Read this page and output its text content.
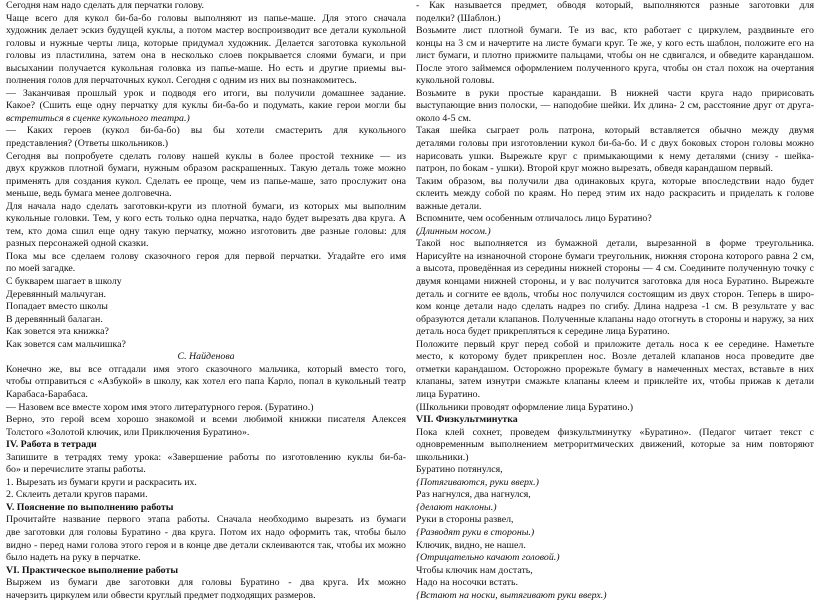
Сегодня нам надо сделать для перчатки голову.
Чаще всего для кукол би-ба-бо головы выполняют из папье-маше. Для этого сначала
художник делает эскиз будущей куклы, а потом мастер воспроизводит все детали кукольной
головы и нужные черты лица, которые придумал художник. Делается заготовка кукольной
головы из пластилина, затем она в несколько слоев покрывается слоями бумаги, и при
высыхании получается кукольная головка из папье-маше. Но есть и другие приемы вы-
полнения голов для перчаточных кукол. Сегодня с одним из них вы познакомитесь.
— Заканчивая прошлый урок и подводя его итоги, вы получили домашнее задание.
Какое? (Сшить еще одну перчатку для куклы би-ба-бо и подумать, какие герои могли бы
встретиться в сценке кукольного театра.)
— Каких героев (кукол би-ба-бо) вы бы хотели смастерить для кукольного
представления? (Ответы школьников.)
Сегодня вы попробуете сделать голову нашей куклы в более простой технике — из
двух кружков плотной бумаги, нужным образом раскрашенных. Такую деталь тоже можно
применять для создания кукол. Сделать ее проще, чем из папье-маше, зато прослужит она
меньше, ведь бумага менее долговечна.
Для начала надо сделать заготовки-круги из плотной бумаги, из которых мы выполним
кукольные головки. Тем, у кого есть только одна перчатка, надо будет вырезать два круга. А
тем, кто дома сшил еще одну такую перчатку, можно изготовить две разные головы: для
разных персонажей одной сказки.
Пока мы все сделаем голову сказочного героя для первой перчатки. Угадайте его имя
по моей загадке.
С букварем шагает в школу
Деревянный мальчуган.
Попадает вместо школы
В деревянный балаган.
Как зовется эта книжка?
Как зовется сам мальчишка?
С. Найденова
Конечно же, вы все отгадали имя этого сказочного мальчика, который вместо того,
чтобы отправиться с «Азбукой» в школу, как хотел его папа Карло, попал в кукольный театр
Карабаса-Барабаса.
— Назовем все вместе хором имя этого литературного героя. (Буратино.)
Верно, это герой всем хорошо знакомой и всеми любимой книжки писателя Алексея
Толстого «Золотой ключик, или Приключения Буратино».
IV. Работа в тетради
Запишите в тетрадях тему урока: «Завершение работы по изготовлению куклы би-ба-
бо» и перечислите этапы работы.
1. Вырезать из бумаги круги и раскрасить их.
2. Склеить детали кругов парами.
V. Пояснение по выполнению работы
Прочитайте название первого этапа работы. Сначала необходимо вырезать из бумаги
две заготовки для головы Буратино - два круга. Потом их надо оформить так, чтобы было
видно - перед нами голова этого героя и в конце две детали склеиваются так, чтобы их можно
было надеть на руку в перчатке.
VI. Практическое выполнение работы
Выржем из бумаги две заготовки для головы Буратино - два круга. Их можно
начерзить циркулем или обвести круглый предмет подходящих размеров.
- Как называется предмет, обводя который, выполняются разные заготовки для
поделки? (Шаблон.)
Возьмите лист плотной бумаги. Те из вас, кто работает с циркулем, раздвиньте его
концы на 3 см и начертите на листе бумаги круг. Те же, у кого есть шаблон, положите его на
лист бумаги, и плотно прижмите пальцами, чтобы он не сдвигался, и обведите карандашом.
После этого займемся оформлением полученного круга, чтобы он стал похож на очертания
кукольной головы.
Возьмите в руки простые карандаши. В нижней части круга надо пририсовать
выступающие вниз полоски, — наподобие шейки. Их длина- 2 см, расстояние друг от друга-
около 4-5 см.
Такая шейка сыграет роль патрона, который вставляется обычно между двумя
деталями головы при изготовлении кукол би-ба-бо. И с двух боковых сторон головы можно
нарисовать ушки. Вырежьте круг с примыкающими к нему деталями (снизу - шейка-
патрон, по бокам - ушки). Второй круг можно вырезать, обведя карандашом первый.
Таким образом, вы получили два одинаковых круга, которые впоследствии надо будет
склеить между собой по краям. Но перед этим их надо раскрасить и приделать к голове
важные детали.
Вспомните, чем особенным отличалось лицо Буратино?
(Длинным носом.)
Такой нос выполняется из бумажной детали, вырезанной в форме треугольника.
Нарисуйте на изнаночной стороне бумаги треугольник, нижняя сторона которого равна 2 см,
а высота, проведённая из середины нижней стороны — 4 см. Соедините полученную точку с
двумя концами нижней стороны, и у вас получится заготовка для носа Буратино. Вырежьте
деталь и согните ее вдоль, чтобы нос получился состоящим из двух сторон. Теперь в широ-
ком конце детали надо сделать надрез по сгибу. Длина надреза -1 см. В результате у вас
образуются детали клапанов. Полученные клапаны надо отогнуть в стороны и наружу, за них
деталь носа будет прикрепляться к середине лица Буратино.
Положите первый круг перед собой и приложите деталь носа к ее середине. Наметьте
место, к которому будет прикреплен нос. Возле деталей клапанов носа проведите две
отметки карандашом. Осторожно прорежьте бумагу в намеченных местах, вставьте в них
клапаны, затем изнутри смажьте клапаны клеем и приклейте их, чтобы прижав к детали
лица Буратино.
(Школьники проводят оформление лица Буратино.)
VII. Физкультминутка
Пока клей сохнет, проведем физкультминутку «Буратино». (Педагог читает текст с
одновременным выполнением метроритмических движений, которые за ним повторяют
школьники.)
Буратино потянулся,
{Потягиваются, руки вверх.)
Раз нагнулся, два нагнулся,
{делают наклоны.)
Руки в стороны развел,
{Разводят руки в стороны.)
Ключик, видно, не нашел.
{Отрицательно качают головой.)
Чтобы ключик нам достать,
Надо на носочки встать.
{Встают на носки, вытягивают руки вверх.)
